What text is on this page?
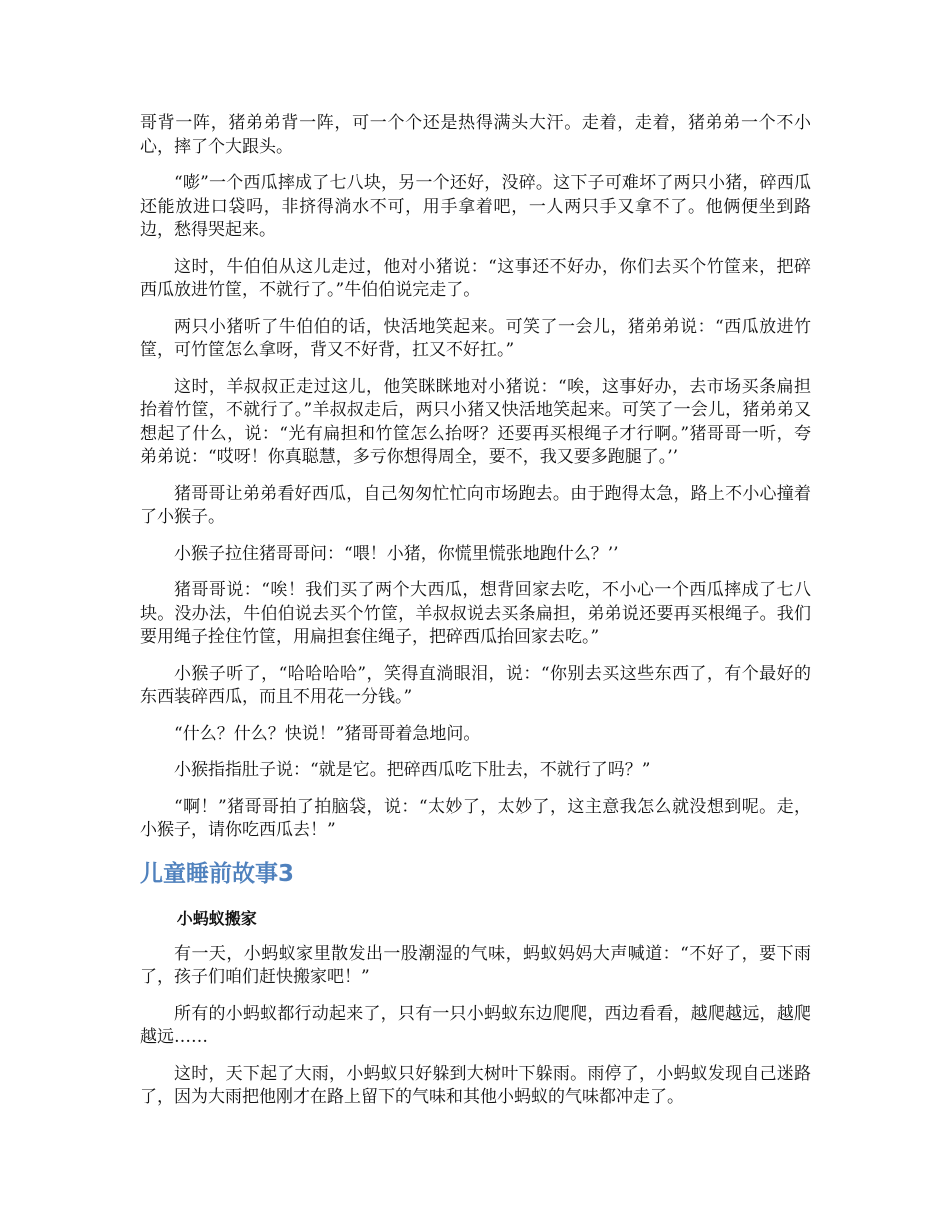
哥背一阵，猪弟弟背一阵，可一个个还是热得满头大汗。走着，走着，猪弟弟一个不小心，摔了个大跟头。

“嘭”一个西瓜摔成了七八块，另一个还好，没碎。这下子可难坏了两只小猪，碎西瓜还能放进口袋吗，非挤得淌水不可，用手拿着吧，一人两只手又拿不了。他俩便坐到路边，愁得哭起来。

这时，牛伯伯从这儿走过，他对小猪说：“这事还不好办，你们去买个竹筐来，把碎西瓜放进竹筐，不就行了。”牛伯伯说完走了。

两只小猪听了牛伯伯的话，快活地笑起来。可笑了一会儿，猪弟弟说：“西瓜放进竹筐，可竹筐怎么拿呀，背又不好背，扛又不好扛。”

这时，羊叔叔正走过这儿，他笑眯眯地对小猪说：“唉，这事好办，去市场买条扁担抬着竹筐，不就行了。”羊叔叔走后，两只小猪又快活地笑起来。可笑了一会儿，猪弟弟又想起了什么，说：“光有扁担和竹筐怎么抬呀？还要再买根绳子才行啊。”猪哥哥一听，夸弟弟说：“哎呀！你真聪慧，多亏你想得周全，要不，我又要多跑腿了。’’

猪哥哥让弟弟看好西瓜，自己匆匆忙忙向市场跑去。由于跑得太急，路上不小心撞着了小猴子。

小猴子拉住猪哥哥问：“喂！小猪，你慌里慌张地跑什么？’’

猪哥哥说：“唉！我们买了两个大西瓜，想背回家去吃，不小心一个西瓜摔成了七八块。没办法，牛伯伯说去买个竹筐，羊叔叔说去买条扁担，弟弟说还要再买根绳子。我们要用绳子拴住竹筐，用扁担套住绳子，把碎西瓜抬回家去吃。”

小猴子听了，“哈哈哈哈”，笑得直淌眼泪，说：“你别去买这些东西了，有个最好的东西装碎西瓜，而且不用花一分钱。”

“什么？什么？快说！”猪哥哥着急地问。

小猴指指肚子说：“就是它。把碎西瓜吃下肚去，不就行了吗？”

“啊！”猪哥哥拍了拍脑袋，说：“太妙了，太妙了，这主意我怎么就没想到呢。走，小猴子，请你吃西瓜去！”

儿童睡前故事3
小蚂蚁搬家

有一天，小蚂蚁家里散发出一股潮湿的气味，蚂蚁妈妈大声喊道：“不好了，要下雨了，孩子们咱们赶快搬家吧！”

所有的小蚂蚁都行动起来了，只有一只小蚂蚁东边爬爬，西边看看，越爬越远，越爬越远……

这时，天下起了大雨，小蚂蚁只好躲到大树叶下躲雨。雨停了，小蚂蚁发现自己迷路了，因为大雨把他刚才在路上留下的气味和其他小蚂蚁的气味都冲走了。
